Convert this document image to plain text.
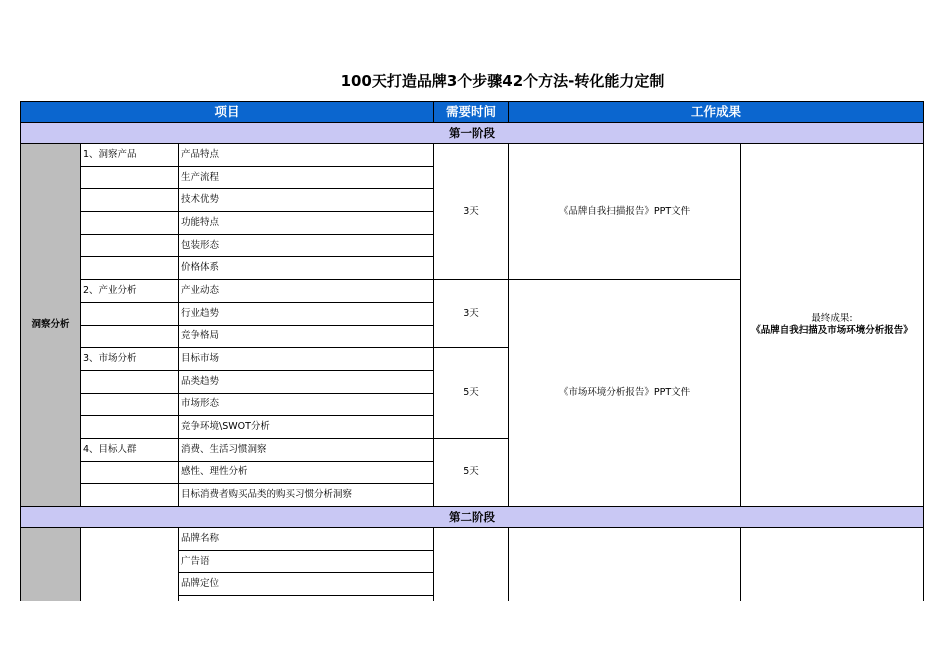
100天打造品牌3个步骤42个方法-转化能力定制
项目			需要时间	工作成果	
第一阶段					
洞察分析	1、洞察产品	产品特点	3天	《品牌自我扫描报告》PPT文件	最终成果:
《品牌自我扫描及市场环境分析报告》
		生产流程			
		技术优势			
		功能特点			
		包装形态			
		价格体系			
	2、产业分析	产业动态	3天	《市场环境分析报告》PPT文件	
		行业趋势			
		竞争格局			
	3、市场分析	目标市场	5天		
		品类趋势			
		市场形态			
		竞争环境\SWOT分析			
	4、目标人群	消费、生活习惯洞察	5天		
		感性、理性分析			
		目标消费者购买品类的购买习惯分析洞察			
第二阶段					
		品牌名称			
		广告语			
		品牌定位			
